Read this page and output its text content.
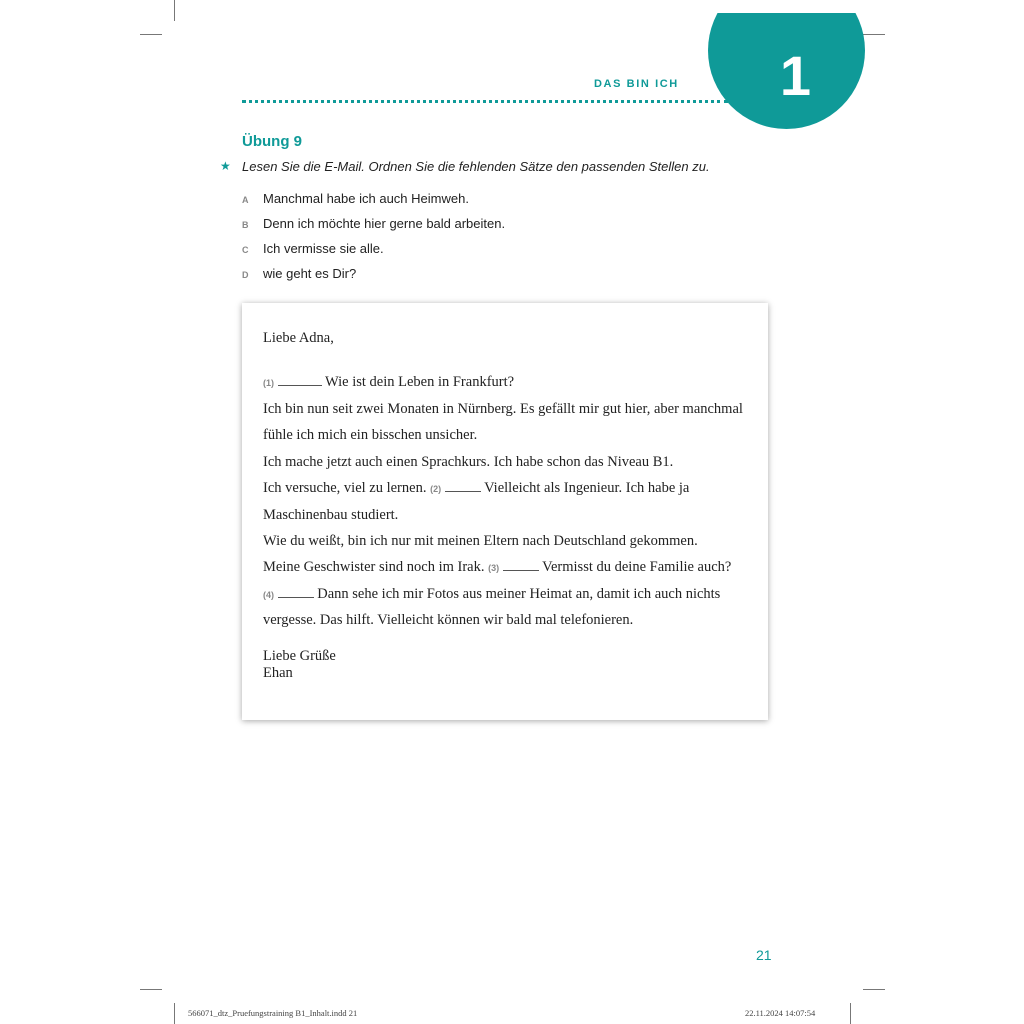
1
DAS BIN ICH
Übung 9
★ Lesen Sie die E-Mail. Ordnen Sie die fehlenden Sätze den passenden Stellen zu.
A Manchmal habe ich auch Heimweh.
B Denn ich möchte hier gerne bald arbeiten.
C Ich vermisse sie alle.
D wie geht es Dir?
Liebe Adna,
(1)	Wie ist dein Leben in Frankfurt?
Ich bin nun seit zwei Monaten in Nürnberg. Es gefällt mir gut hier, aber manchmal
fühle ich mich ein bisschen unsicher.
Ich mache jetzt auch einen Sprachkurs. Ich habe schon das Niveau B1.
Ich versuche, viel zu lernen. (2)	Vielleicht als Ingenieur. Ich habe ja
Maschinenbau studiert.
Wie du weißt, bin ich nur mit meinen Eltern nach Deutschland gekommen.
Meine Geschwister sind noch im Irak. (3)	Vermisst du deine Familie auch?
(4)	Dann sehe ich mir Fotos aus meiner Heimat an, damit ich auch nichts
vergesse. Das hilft. Vielleicht können wir bald mal telefonieren.
Liebe Grüße
Ehan
21
566071_dtz_Pruefungstraining B1_Inhalt.indd 21	22.11.2024 14:07:54
